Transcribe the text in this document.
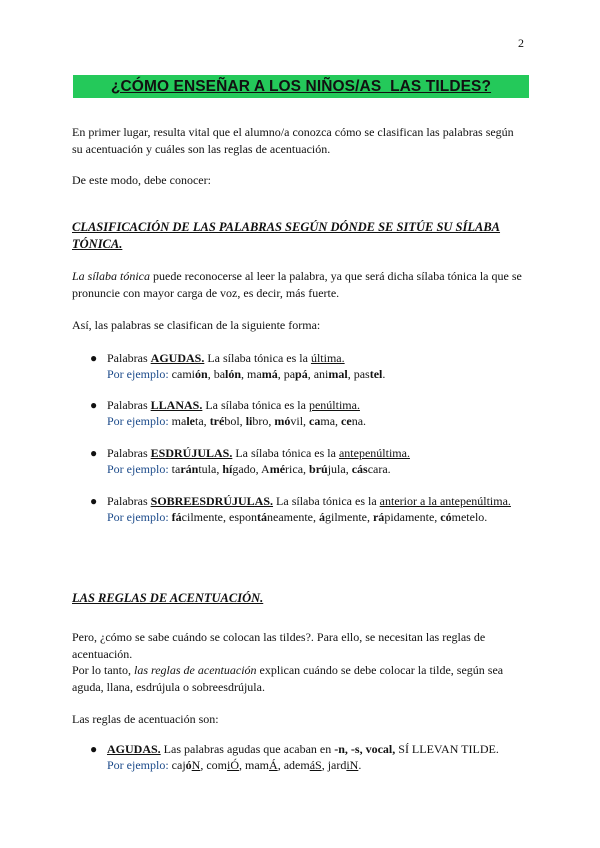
2
¿CÓMO ENSEÑAR A LOS NIÑOS/AS  LAS TILDES?
En primer lugar, resulta vital que el alumno/a conozca cómo se clasifican las palabras según
su acentuación y cuáles son las reglas de acentuación.
De este modo, debe conocer:
CLASIFICACIÓN DE LAS PALABRAS SEGÚN DÓNDE SE SITÚE SU SÍLABA
TÓNICA.
La sílaba tónica puede reconocerse al leer la palabra, ya que será dicha sílaba tónica la que se
pronuncie con mayor carga de voz, es decir, más fuerte.
Así, las palabras se clasifican de la siguiente forma:
● Palabras AGUDAS. La sílaba tónica es la última.
Por ejemplo: camión, balón, mamá, papá, animal, pastel.
● Palabras LLANAS. La sílaba tónica es la penúltima.
Por ejemplo: maleta, trébol, libro, móvil, cama, cena.
● Palabras ESDRÚJULAS. La sílaba tónica es la antepenúltima.
Por ejemplo: tarántula, hígado, América, brújula, cáscara.
● Palabras SOBREESDRÚJULAS. La sílaba tónica es la anterior a la antepenúltima.
Por ejemplo: fácilmente, espontáneamente, ágilmente, rápidamente, cómetelo.
LAS REGLAS DE ACENTUACIÓN.
Pero, ¿cómo se sabe cuándo se colocan las tildes?. Para ello, se necesitan las reglas de
acentuación.
Por lo tanto, las reglas de acentuación explican cuándo se debe colocar la tilde, según sea
aguda, llana, esdrújula o sobreesdrújula.
Las reglas de acentuación son:
● AGUDAS. Las palabras agudas que acaban en -n, -s, vocal, SÍ LLEVAN TILDE.
Por ejemplo: cajóN, comiÓ, mamÁ, ademáS, jardiN.
